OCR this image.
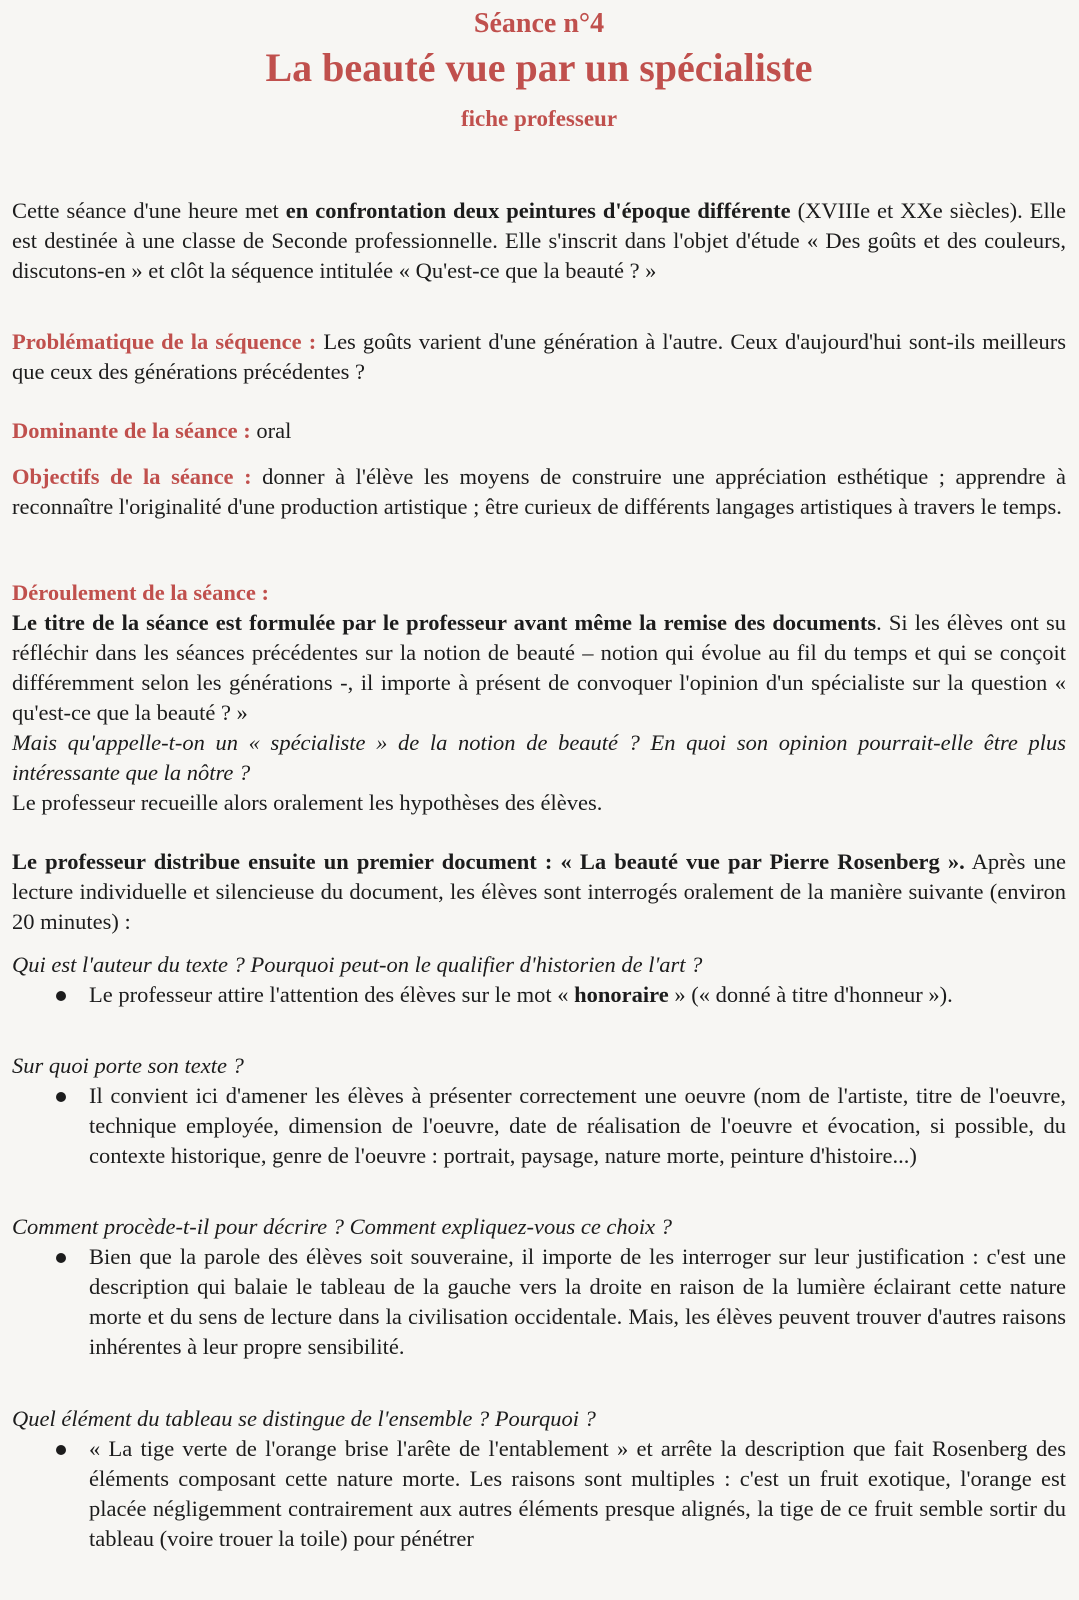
Séance n°4
La beauté vue par un spécialiste
fiche professeur

Cette séance d'une heure met en confrontation deux peintures d'époque différente (XVIIIe et XXe siècles). Elle est destinée à une classe de Seconde professionnelle. Elle s'inscrit dans l'objet d'étude « Des goûts et des couleurs, discutons-en » et clôt la séquence intitulée « Qu'est-ce que la beauté ? »

Problématique de la séquence : Les goûts varient d'une génération à l'autre. Ceux d'aujourd'hui sont-ils meilleurs que ceux des générations précédentes ?

Dominante de la séance : oral

Objectifs de la séance : donner à l'élève les moyens de construire une appréciation esthétique ; apprendre à reconnaître l'originalité d'une production artistique ; être curieux de différents langages artistiques à travers le temps.

Déroulement de la séance :

Le titre de la séance est formulée par le professeur avant même la remise des documents. Si les élèves ont su réfléchir dans les séances précédentes sur la notion de beauté – notion qui évolue au fil du temps et qui se conçoit différemment selon les générations -, il importe à présent de convoquer l'opinion d'un spécialiste sur la question « qu'est-ce que la beauté ? »

Mais qu'appelle-t-on un « spécialiste » de la notion de beauté ? En quoi son opinion pourrait-elle être plus intéressante que la nôtre ?

Le professeur recueille alors oralement les hypothèses des élèves.

Le professeur distribue ensuite un premier document : « La beauté vue par Pierre Rosenberg ». Après une lecture individuelle et silencieuse du document, les élèves sont interrogés oralement de la manière suivante (environ 20 minutes) :

Qui est l'auteur du texte ? Pourquoi peut-on le qualifier d'historien de l'art ?

Le professeur attire l'attention des élèves sur le mot « honoraire » (« donné à titre d'honneur »).

Sur quoi porte son texte ?

Il convient ici d'amener les élèves à présenter correctement une oeuvre (nom de l'artiste, titre de l'oeuvre, technique employée, dimension de l'oeuvre, date de réalisation de l'oeuvre et évocation, si possible, du contexte historique, genre de l'oeuvre : portrait, paysage, nature morte, peinture d'histoire...)

Comment procède-t-il pour décrire ? Comment expliquez-vous ce choix ?

Bien que la parole des élèves soit souveraine, il importe de les interroger sur leur justification : c'est une description qui balaie le tableau de la gauche vers la droite en raison de la lumière éclairant cette nature morte et du sens de lecture dans la civilisation occidentale. Mais, les élèves peuvent trouver d'autres raisons inhérentes à leur propre sensibilité.

Quel élément du tableau se distingue de l'ensemble ? Pourquoi ?

« La tige verte de l'orange brise l'arête de l'entablement » et arrête la description que fait Rosenberg des éléments composant cette nature morte. Les raisons sont multiples : c'est un fruit exotique, l'orange est placée négligemment contrairement aux autres éléments presque alignés, la tige de ce fruit semble sortir du tableau (voire trouer la toile) pour pénétrer
